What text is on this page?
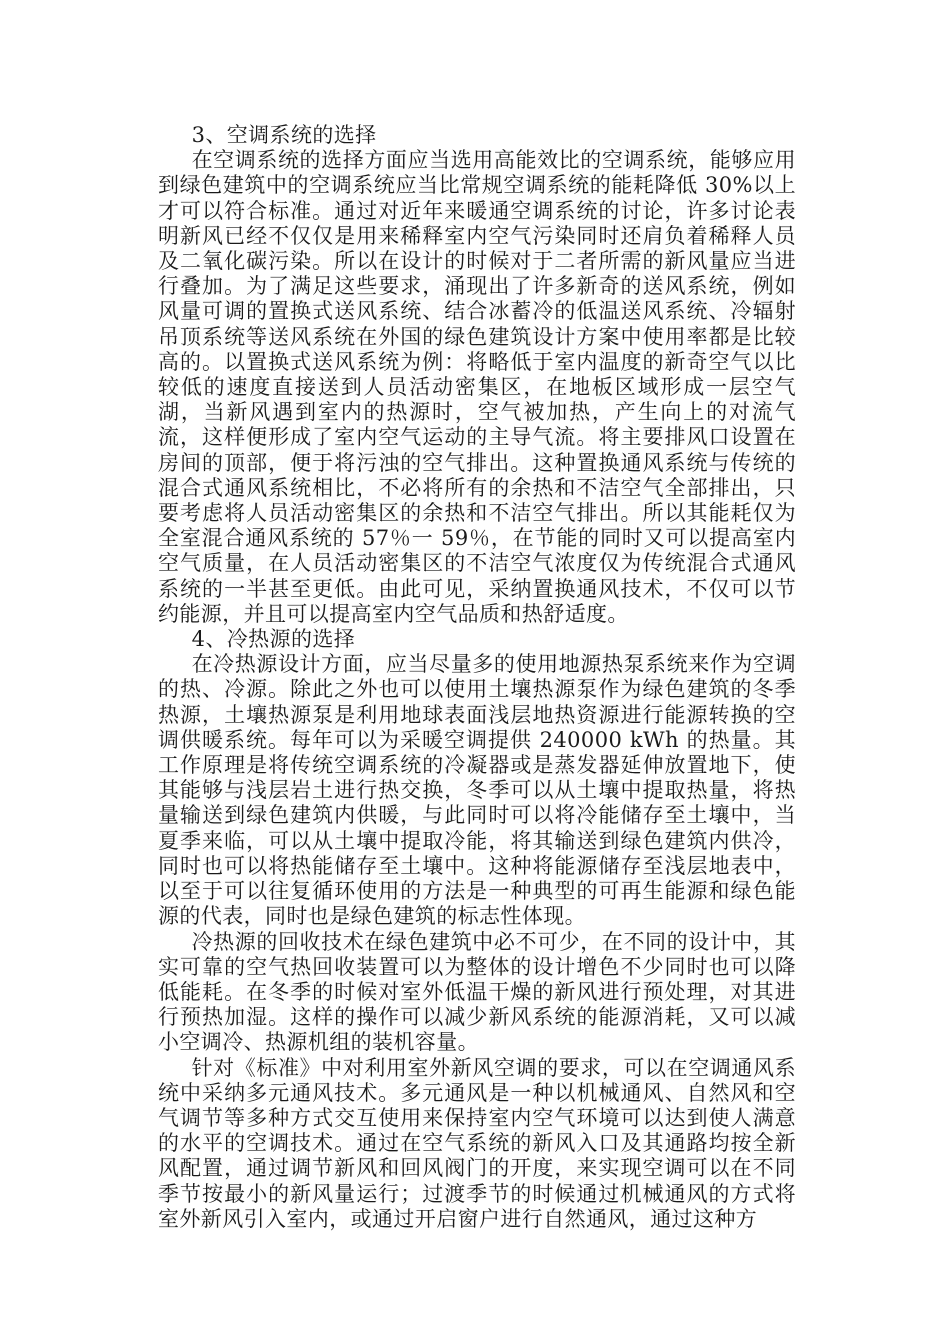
3、空调系统的选择

在空调系统的选择方面应当选用高能效比的空调系统，能够应用到绿色建筑中的空调系统应当比常规空调系统的能耗降低 30%以上才可以符合标准。通过对近年来暖通空调系统的讨论，许多讨论表明新风已经不仅仅是用来稀释室内空气污染同时还肩负着稀释人员及二氧化碳污染。所以在设计的时候对于二者所需的新风量应当进行叠加。为了满足这些要求，涌现出了许多新奇的送风系统，例如风量可调的置换式送风系统、结合冰蓄冷的低温送风系统、冷辐射吊顶系统等送风系统在外国的绿色建筑设计方案中使用率都是比较高的。以置换式送风系统为例：将略低于室内温度的新奇空气以比较低的速度直接送到人员活动密集区，在地板区域形成一层空气湖，当新风遇到室内的热源时，空气被加热，产生向上的对流气流，这样便形成了室内空气运动的主导气流。将主要排风口设置在房间的顶部，便于将污浊的空气排出。这种置换通风系统与传统的混合式通风系统相比，不必将所有的余热和不洁空气全部排出，只要考虑将人员活动密集区的余热和不洁空气排出。所以其能耗仅为全室混合通风系统的 57％一 59％，在节能的同时又可以提高室内空气质量，在人员活动密集区的不洁空气浓度仅为传统混合式通风系统的一半甚至更低。由此可见，采纳置换通风技术，不仅可以节约能源，并且可以提高室内空气品质和热舒适度。

4、冷热源的选择

在冷热源设计方面，应当尽量多的使用地源热泵系统来作为空调的热、冷源。除此之外也可以使用土壤热源泵作为绿色建筑的冬季热源，土壤热源泵是利用地球表面浅层地热资源进行能源转换的空调供暖系统。每年可以为采暖空调提供 240000 kWh 的热量。其工作原理是将传统空调系统的冷凝器或是蒸发器延伸放置地下，使其能够与浅层岩土进行热交换，冬季可以从土壤中提取热量，将热量输送到绿色建筑内供暖，与此同时可以将冷能储存至土壤中，当夏季来临，可以从土壤中提取冷能，将其输送到绿色建筑内供冷，同时也可以将热能储存至土壤中。这种将能源储存至浅层地表中，以至于可以往复循环使用的方法是一种典型的可再生能源和绿色能源的代表，同时也是绿色建筑的标志性体现。

冷热源的回收技术在绿色建筑中必不可少，在不同的设计中，其实可靠的空气热回收装置可以为整体的设计增色不少同时也可以降低能耗。在冬季的时候对室外低温干燥的新风进行预处理，对其进行预热加湿。这样的操作可以减少新风系统的能源消耗，又可以减小空调冷、热源机组的装机容量。

针对《标准》中对利用室外新风空调的要求，可以在空调通风系统中采纳多元通风技术。多元通风是一种以机械通风、自然风和空气调节等多种方式交互使用来保持室内空气环境可以达到使人满意的水平的空调技术。通过在空气系统的新风入口及其通路均按全新风配置，通过调节新风和回风阀门的开度，来实现空调可以在不同季节按最小的新风量运行；过渡季节的时候通过机械通风的方式将室外新风引入室内，或通过开启窗户进行自然通风，通过这种方
